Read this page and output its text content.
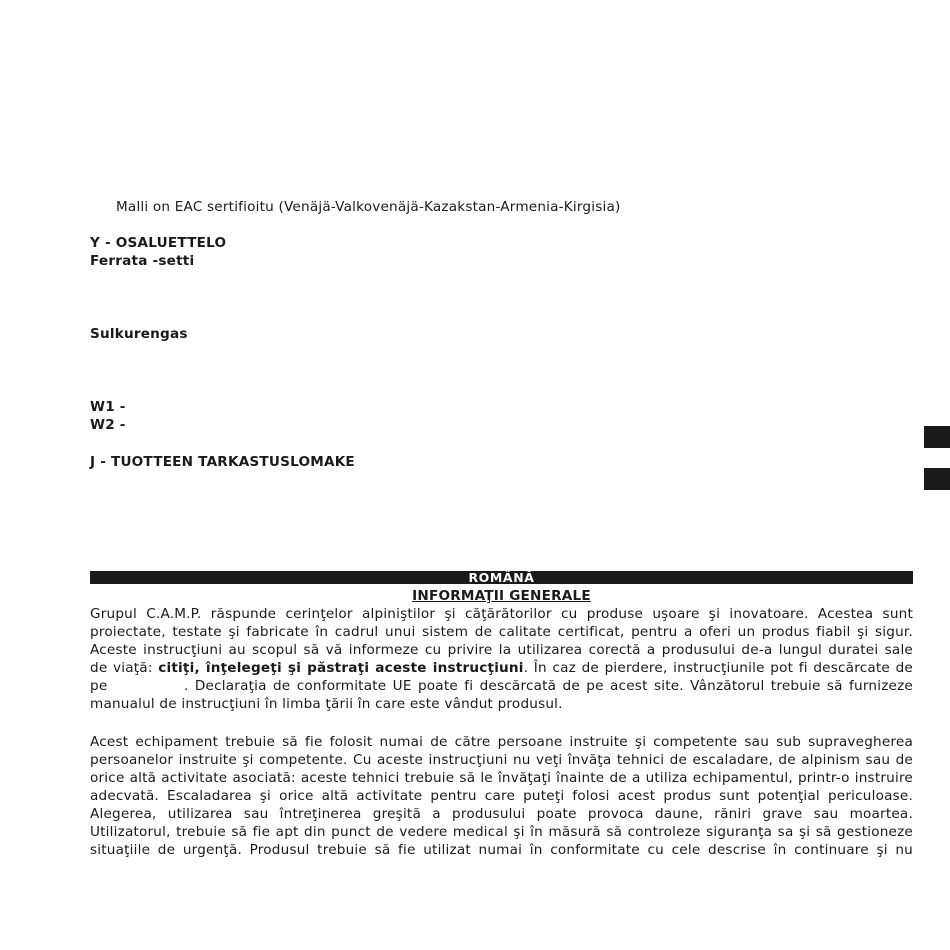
Malli on EAC sertifioitu (Venäjä-Valkovenäjä-Kazakstan-Armenia-Kirgisia)
Y - OSALUETTELO
Ferrata -setti
Sulkurengas
W1 -
W2 -
J - TUOTTEEN TARKASTUSLOMAKE
ROMÂNĂ
INFORMAŢII GENERALE
Grupul C.A.M.P. răspunde cerinţelor alpiniştilor şi căţărătorilor cu produse uşoare şi inovatoare. Acestea sunt
proiectate, testate şi fabricate în cadrul unui sistem de calitate certificat, pentru a oferi un produs fiabil şi sigur.
Aceste instrucţiuni au scopul să vă informeze cu privire la utilizarea corectă a produsului de-a lungul duratei sale
de viaţă: citiţi, înţelegeţi şi păstraţi aceste instrucţiuni. În caz de pierdere, instrucţiunile pot fi descărcate de pe	. Declaraţia de conformitate UE poate fi descărcată de pe acest site. Vânzătorul trebuie să furnizeze
manualul de instrucţiuni în limba ţării în care este vândut produsul.
Acest echipament trebuie să fie folosit numai de către persoane instruite şi competente sau sub supravegherea
persoanelor instruite şi competente. Cu aceste instrucţiuni nu veţi învăţa tehnici de escaladare, de alpinism sau de
orice altă activitate asociată: aceste tehnici trebuie să le învăţaţi înainte de a utiliza echipamentul, printr-o instruire
adecvată. Escaladarea şi orice altă activitate pentru care puteţi folosi acest produs sunt potenţial periculoase.
Alegerea, utilizarea sau întreţinerea greşită a produsului poate provoca daune, răniri grave sau moartea.
Utilizatorul, trebuie să fie apt din punct de vedere medical şi în măsură să controleze siguranţa sa şi să gestioneze
situaţiile de urgenţă. Produsul trebuie să fie utilizat numai în conformitate cu cele descrise în continuare şi nu
